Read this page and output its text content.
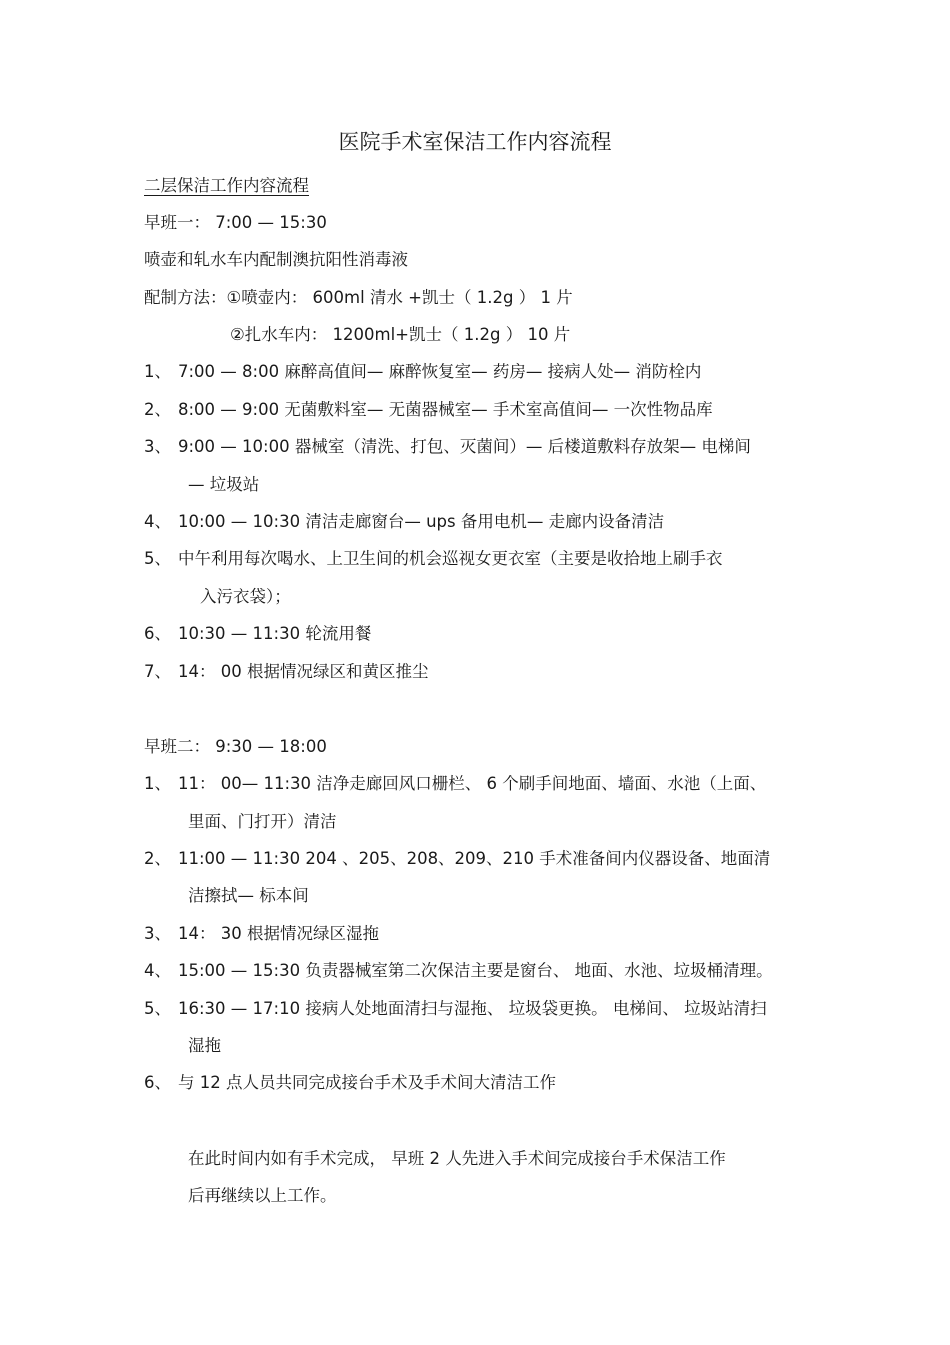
医院手术室保洁工作内容流程
二层保洁工作内容流程
早班一： 7:00 — 15:30
喷壶和轧水车内配制澳抗阳性消毒液
配制方法：①喷壶内： 600ml 清水 +凯士（ 1.2g ） 1 片
②扎水车内： 1200ml+凯士（ 1.2g ） 10 片
1、 7:00 — 8:00 麻醉高值间— 麻醉恢复室— 药房— 接病人处— 消防栓内
2、 8:00 — 9:00 无菌敷料室— 无菌器械室— 手术室高值间— 一次性物品库
3、 9:00 — 10:00 器械室（清洗、打包、灭菌间）— 后楼道敷料存放架— 电梯间
— 垃圾站
4、 10:00 — 10:30 清洁走廊窗台— ups 备用电机— 走廊内设备清洁
5、 中午利用每次喝水、上卫生间的机会巡视女更衣室（主要是收拾地上刷手衣
入污衣袋）；
6、 10:30 — 11:30 轮流用餐
7、 14： 00 根据情况绿区和黄区推尘
早班二： 9:30 — 18:00
1、 11： 00— 11:30 洁净走廊回风口栅栏、 6 个刷手间地面、墙面、水池（上面、
里面、门打开）清洁
2、 11:00 — 11:30 204 、205、208、209、210 手术准备间内仪器设备、地面清
洁擦拭— 标本间
3、 14： 30 根据情况绿区湿拖
4、 15:00 — 15:30 负责器械室第二次保洁主要是窗台、 地面、水池、垃圾桶清理。
5、 16:30 — 17:10 接病人处地面清扫与湿拖、 垃圾袋更换。 电梯间、 垃圾站清扫
湿拖
6、 与 12 点人员共同完成接台手术及手术间大清洁工作
在此时间内如有手术完成， 早班 2 人先进入手术间完成接台手术保洁工作
后再继续以上工作。
